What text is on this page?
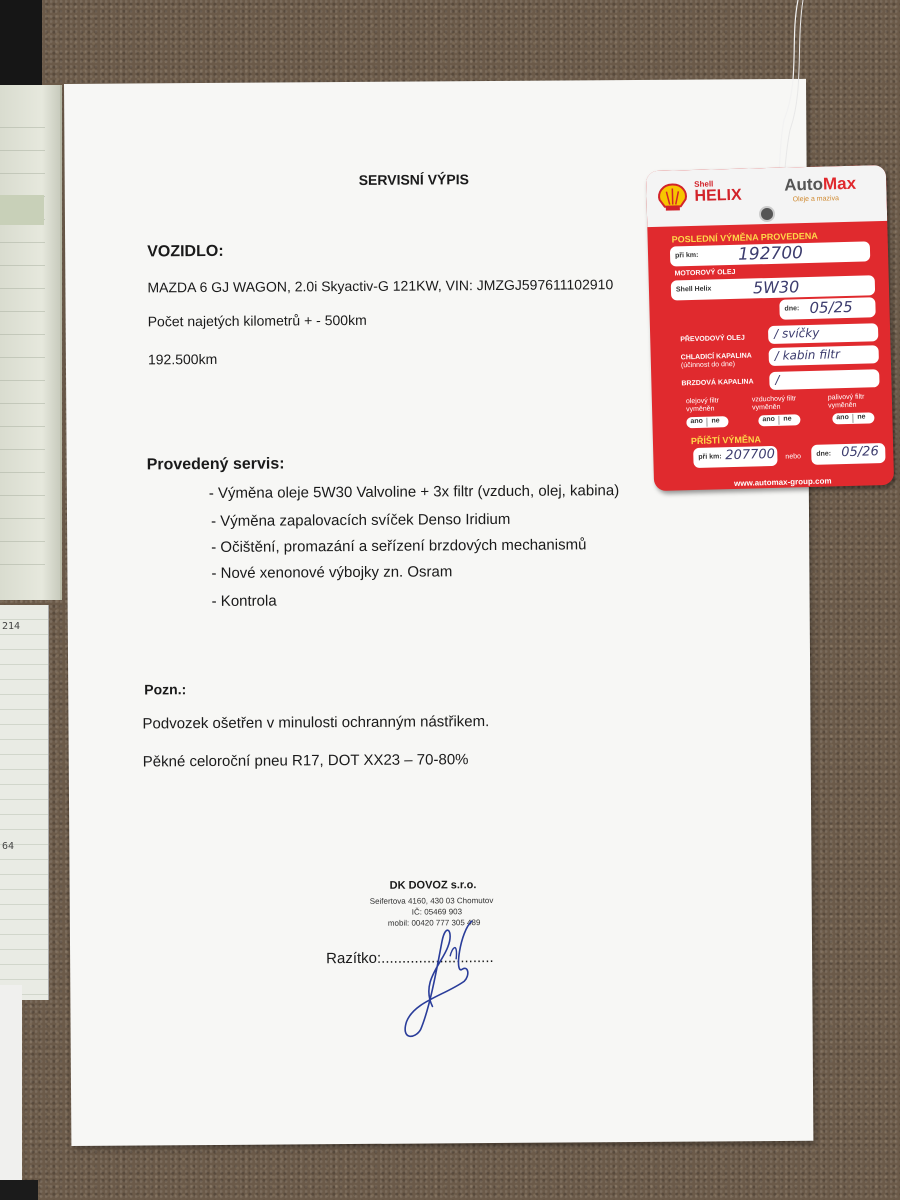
214
64
SERVISNÍ VÝPIS
VOZIDLO:
MAZDA 6 GJ WAGON, 2.0i Skyactiv-G 121KW, VIN: JMZGJ597611102910
Počet najetých kilometrů + - 500km
192.500km
Provedený servis:
- Výměna oleje 5W30 Valvoline + 3x filtr (vzduch, olej, kabina)
- Výměna zapalovacích svíček Denso Iridium
- Očištění, promazání a seřízení brzdových mechanismů
- Nové xenonové výbojky zn. Osram
- Kontrola
Pozn.:
Podvozek ošetřen v minulosti ochranným nástřikem.
Pěkné celoroční pneu R17, DOT XX23 – 70-80%
DK DOVOZ s.r.o.
Seifertova 4160, 430 03 Chomutov
IČ: 05469 903
mobil: 00420 777 305 489
Razítko:...........................
Shell
HELIX
AutoMax
Oleje a maziva
POSLEDNÍ VÝMĚNA PROVEDENA
při km: 192700
MOTOROVÝ OLEJ
Shell Helix	5W30
dne: 05/25
PŘEVODOVÝ OLEJ / svíčky
CHLADICÍ KAPALINA
(účinnost do dne)
/ kabin filtr
BRZDOVÁ KAPALINA /
olejový filtr vyměněn
vzduchový filtr vyměněn
palivový filtr vyměněn
ano ne	ano ne	ano ne
PŘÍŠTÍ VÝMĚNA
při km: 207700 nebo dne: 05/26
www.automax-group.com
